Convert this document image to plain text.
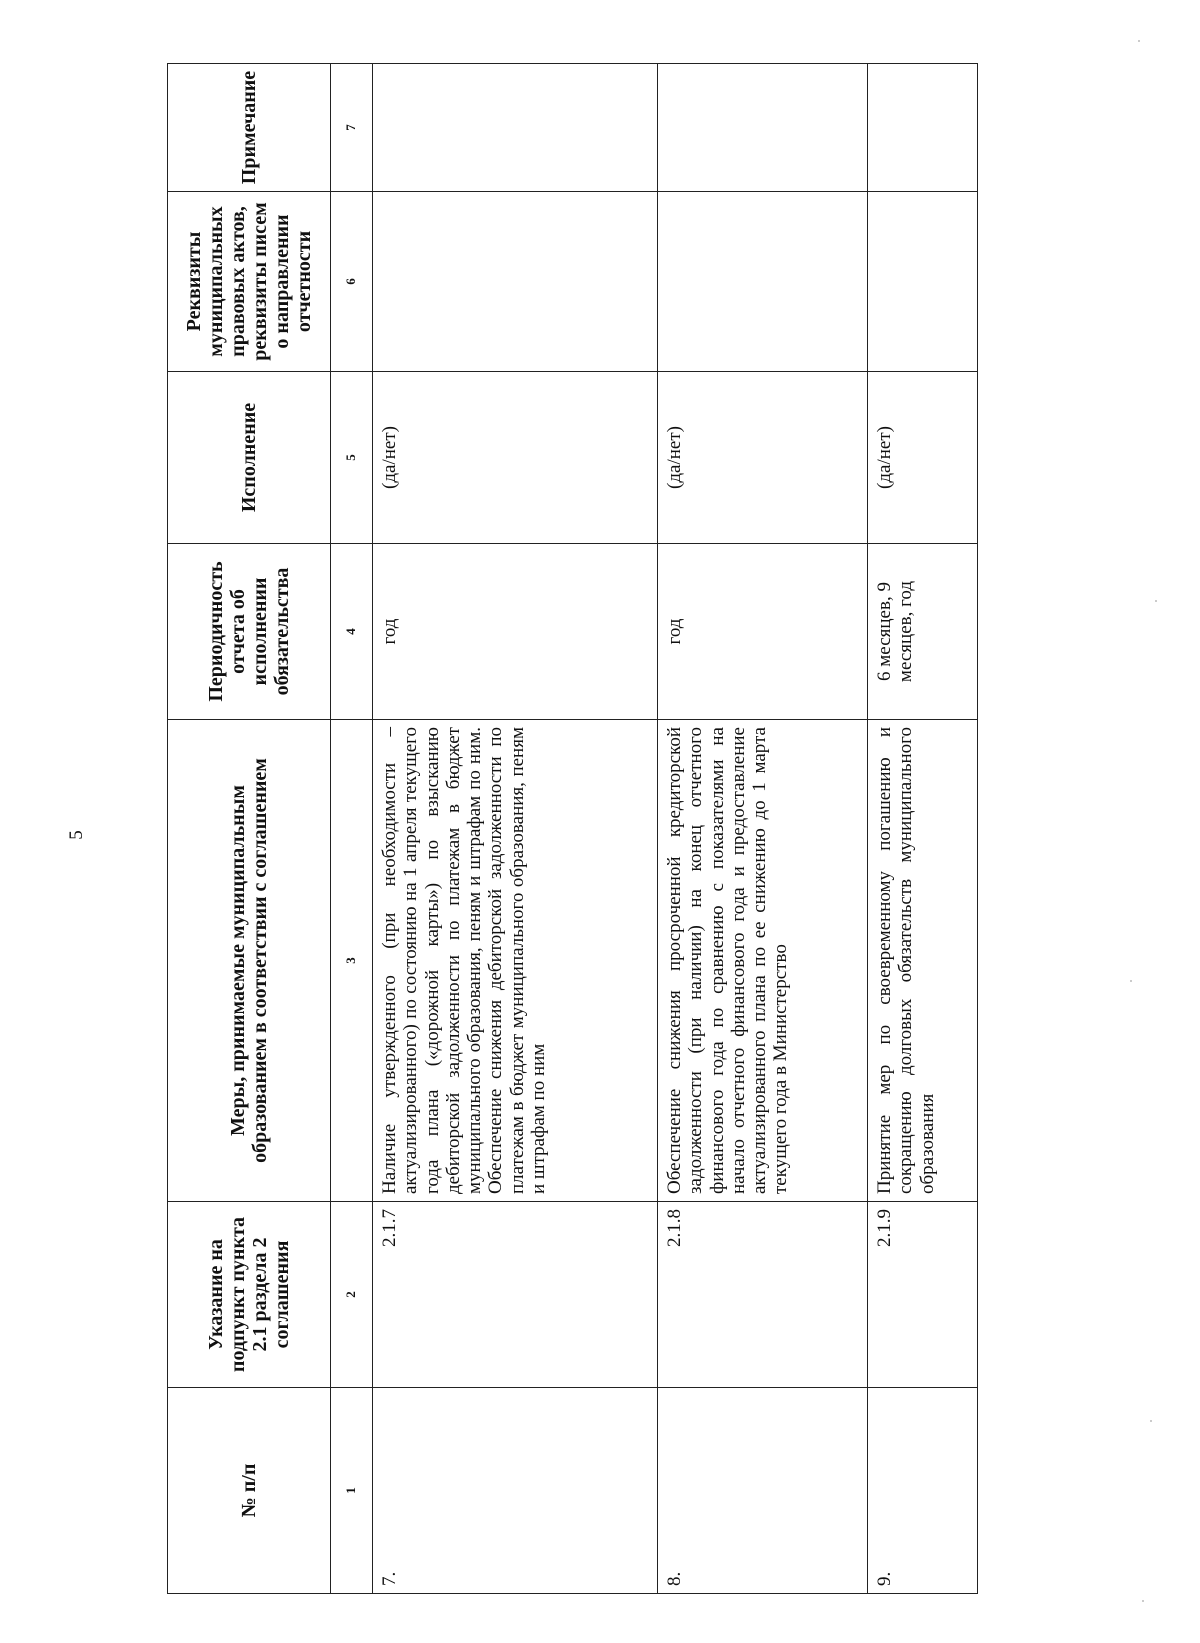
5
№ п/п	Указание на подпункт пункта 2.1 раздела 2 соглашения	Меры, принимаемые муниципальным образованием в соответствии с соглашением	Периодичность отчета об исполнении обязательства	Исполнение	Реквизиты муниципальных правовых актов, реквизиты писем о направлении отчетности	Примечание
1	2	3	4	5	6	7
7.	2.1.7	Наличие утвержденного (при необходимости – актуализированного) по состоянию на 1 апреля текущего года плана («дорожной карты») по взысканию дебиторской задолженности по платежам в бюджет муниципального образования, пеням и штрафам по ним. Обеспечение снижения дебиторской задолженности по платежам в бюджет муниципального образования, пеням и штрафам по ним	год	(да/нет)		
8.	2.1.8	Обеспечение снижения просроченной кредиторской задолженности (при наличии) на конец отчетного финансового года по сравнению с показателями на начало отчетного финансового года и предоставление актуализированного плана по ее снижению до 1 марта текущего года в Министерство	год	(да/нет)		
9.	2.1.9	Принятие мер по своевременному погашению и сокращению долговых обязательств муниципального образования	6 месяцев, 9 месяцев, год	(да/нет)		
